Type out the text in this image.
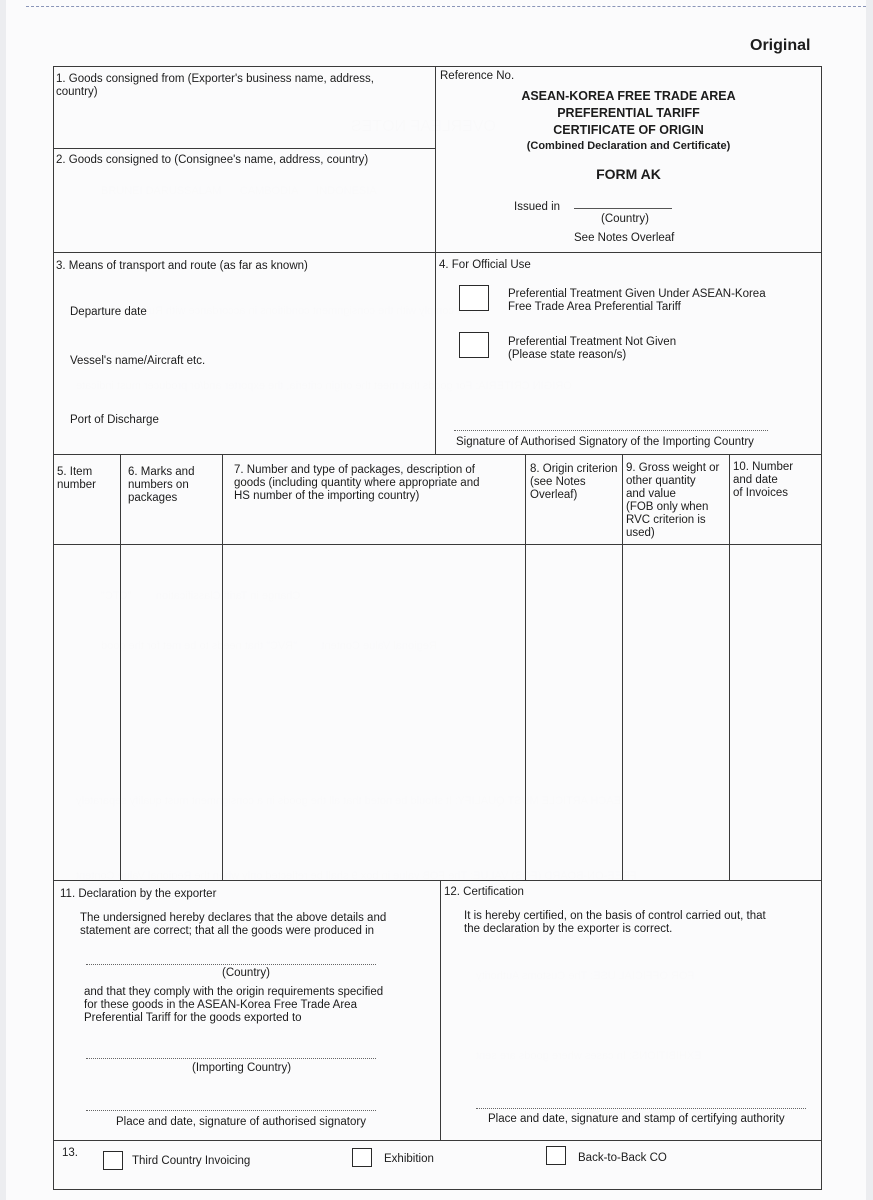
Original
1. Goods consigned from (Exporter's business name, address, country)
Reference No.
ASEAN-KOREA FREE TRADE AREA
PREFERENTIAL TARIFF
CERTIFICATE OF ORIGIN
(Combined Declaration and Certificate)
FORM AK
Issued in
(Country)
See Notes Overleaf
2. Goods consigned to (Consignee's name, address, country)
3. Means of transport and route (as far as known)
Departure date
Vessel's name/Aircraft etc.
Port of Discharge
4. For Official Use
Preferential Treatment Given Under ASEAN-Korea
Free Trade Area Preferential Tariff
Preferential Treatment Not Given
(Please state reason/s)
Signature of Authorised Signatory of the Importing Country
5. Item
number
6. Marks and
numbers on
packages
7. Number and type of packages, description of
goods (including quantity where appropriate and
HS number of the importing country)
8. Origin criterion
(see Notes
Overleaf)
9. Gross weight or
other quantity
and value
(FOB only when
RVC criterion is
used)
10. Number
and date
of Invoices
11. Declaration by the exporter
The undersigned hereby declares that the above details and
statement are correct; that all the goods were produced in
(Country)
and that they comply with the origin requirements specified
for these goods in the ASEAN-Korea Free Trade Area
Preferential Tariff for the goods exported to
(Importing Country)
Place and date, signature of authorised signatory
12. Certification
It is hereby certified, on the basis of control carried out, that
the declaration by the exporter is correct.
Place and date, signature and stamp of certifying authority
13.
Third Country Invoicing	Exhibition	Back-to-Back CO
